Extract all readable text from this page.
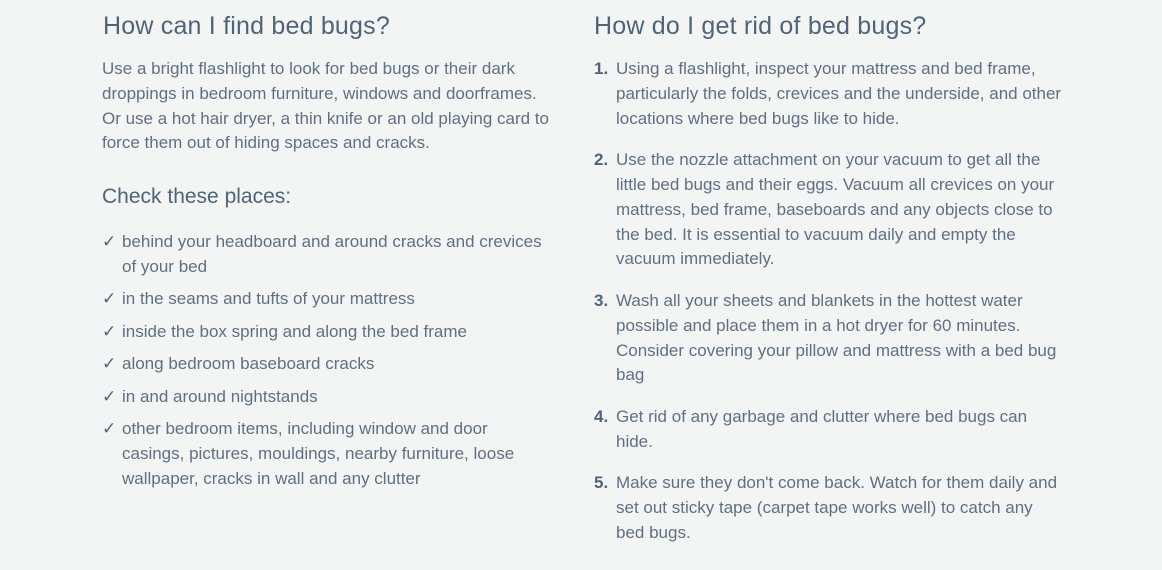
How can I find bed bugs?

Use a bright flashlight to look for bed bugs or their dark droppings in bedroom furniture, windows and doorframes. Or use a hot hair dryer, a thin knife or an old playing card to force them out of hiding spaces and cracks.

Check these places:
✓ behind your headboard and around cracks and crevices of your bed
✓ in the seams and tufts of your mattress
✓ inside the box spring and along the bed frame
✓ along bedroom baseboard cracks
✓ in and around nightstands
✓ other bedroom items, including window and door casings, pictures, mouldings, nearby furniture, loose wallpaper, cracks in wall and any clutter
How do I get rid of bed bugs?
1. Using a flashlight, inspect your mattress and bed frame, particularly the folds, crevices and the underside, and other locations where bed bugs like to hide.
2. Use the nozzle attachment on your vacuum to get all the little bed bugs and their eggs. Vacuum all crevices on your mattress, bed frame, baseboards and any objects close to the bed. It is essential to vacuum daily and empty the vacuum immediately.
3. Wash all your sheets and blankets in the hottest water possible and place them in a hot dryer for 60 minutes. Consider covering your pillow and mattress with a bed bug bag
4. Get rid of any garbage and clutter where bed bugs can hide.
5. Make sure they don't come back. Watch for them daily and set out sticky tape (carpet tape works well) to catch any bed bugs.
